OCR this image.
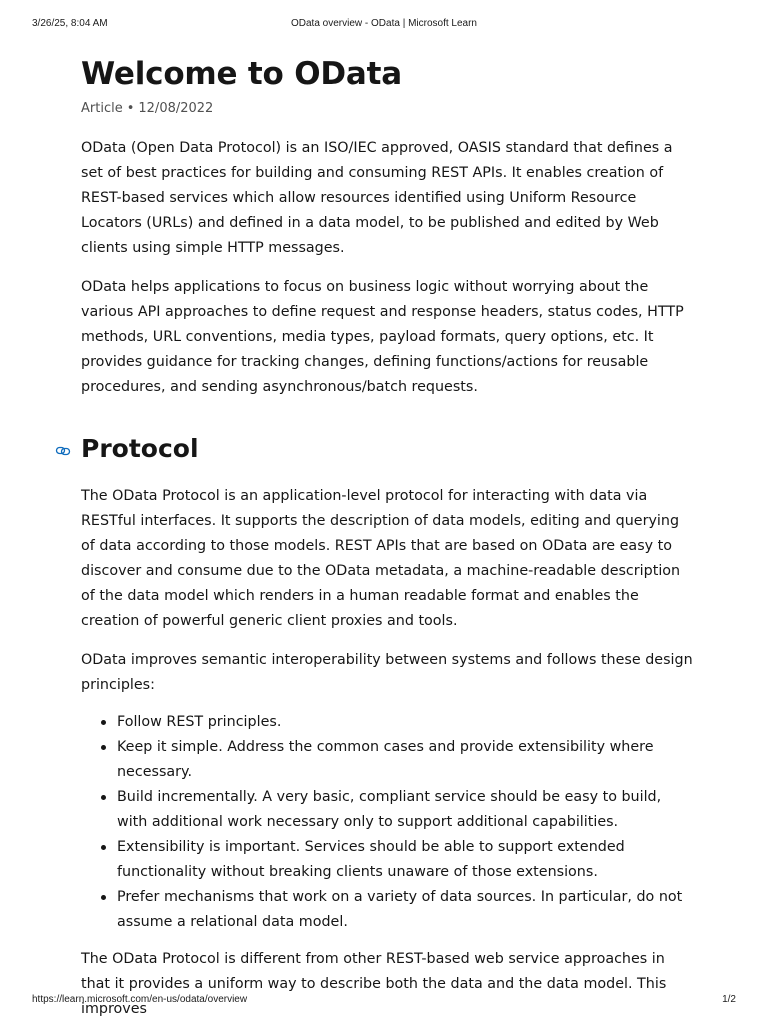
3/26/25, 8:04 AM	OData overview - OData | Microsoft Learn
Welcome to OData
Article • 12/08/2022

OData (Open Data Protocol) is an ISO/IEC approved, OASIS standard that defines a set of best practices for building and consuming REST APIs. It enables creation of REST-based services which allow resources identified using Uniform Resource Locators (URLs) and defined in a data model, to be published and edited by Web clients using simple HTTP messages.

OData helps applications to focus on business logic without worrying about the various API approaches to define request and response headers, status codes, HTTP methods, URL conventions, media types, payload formats, query options, etc. It provides guidance for tracking changes, defining functions/actions for reusable procedures, and sending asynchronous/batch requests.

Protocol

The OData Protocol is an application-level protocol for interacting with data via RESTful interfaces. It supports the description of data models, editing and querying of data according to those models. REST APIs that are based on OData are easy to discover and consume due to the OData metadata, a machine-readable description of the data model which renders in a human readable format and enables the creation of powerful generic client proxies and tools.

OData improves semantic interoperability between systems and follows these design principles:

Follow REST principles.
Keep it simple. Address the common cases and provide extensibility where necessary.
Build incrementally. A very basic, compliant service should be easy to build, with additional work necessary only to support additional capabilities.
Extensibility is important. Services should be able to support extended functionality without breaking clients unaware of those extensions.
Prefer mechanisms that work on a variety of data sources. In particular, do not assume a relational data model.

The OData Protocol is different from other REST-based web service approaches in that it provides a uniform way to describe both the data and the data model. This improves

https://learn.microsoft.com/en-us/odata/overview	1/2
